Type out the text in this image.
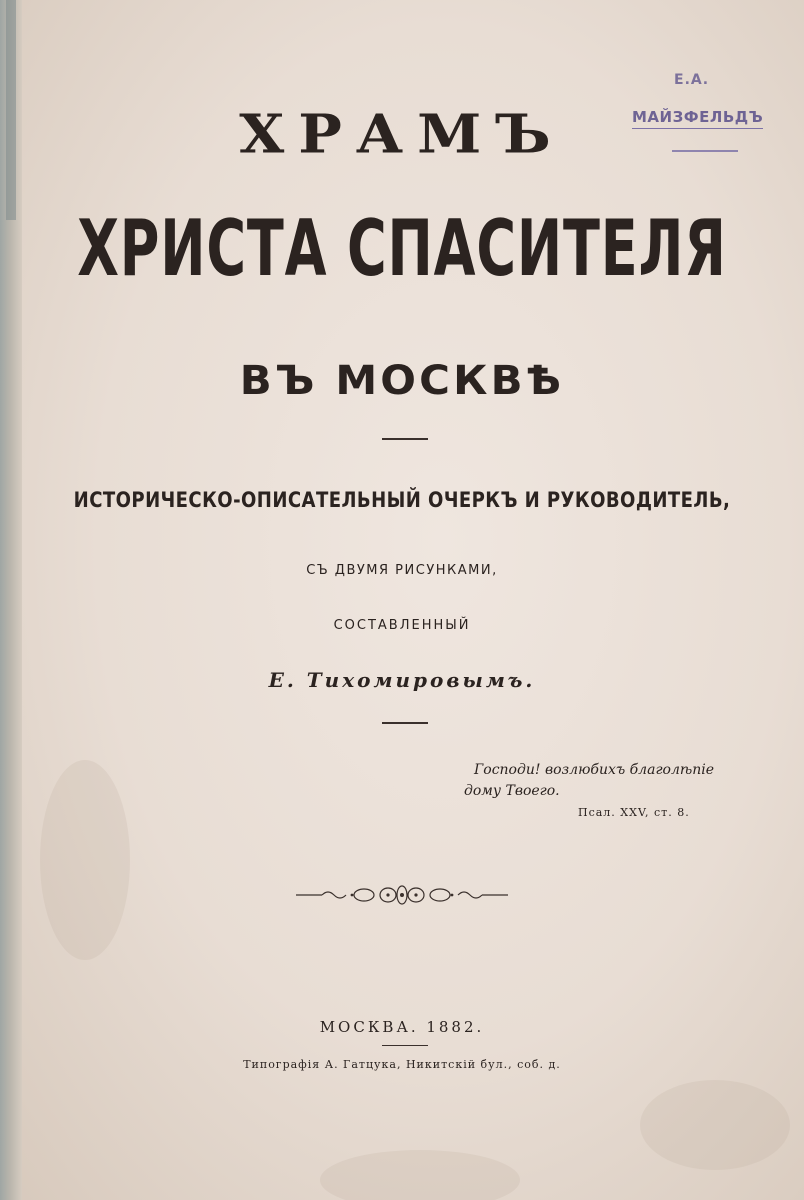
Е.А.
МАЙЗФЕЛЬДЪ
ХРАМЪ
ХРИСТА СПАСИТЕЛЯ
ВЪ МОСКВѢ
ИСТОРИЧЕСКО-ОПИСАТЕЛЬНЫЙ ОЧЕРКЪ И РУКОВОДИТЕЛЬ,
СЪ ДВУМЯ РИСУНКАМИ,
СОСТАВЛЕННЫЙ
Е. Тихомировымъ.
Господи! возлюбихъ благолѣпіе
дому Твоего.
Псал. XXV, ст. 8.
МОСКВА. 1882.
Типографія А. Гатцука, Никитскій бул., соб. д.
